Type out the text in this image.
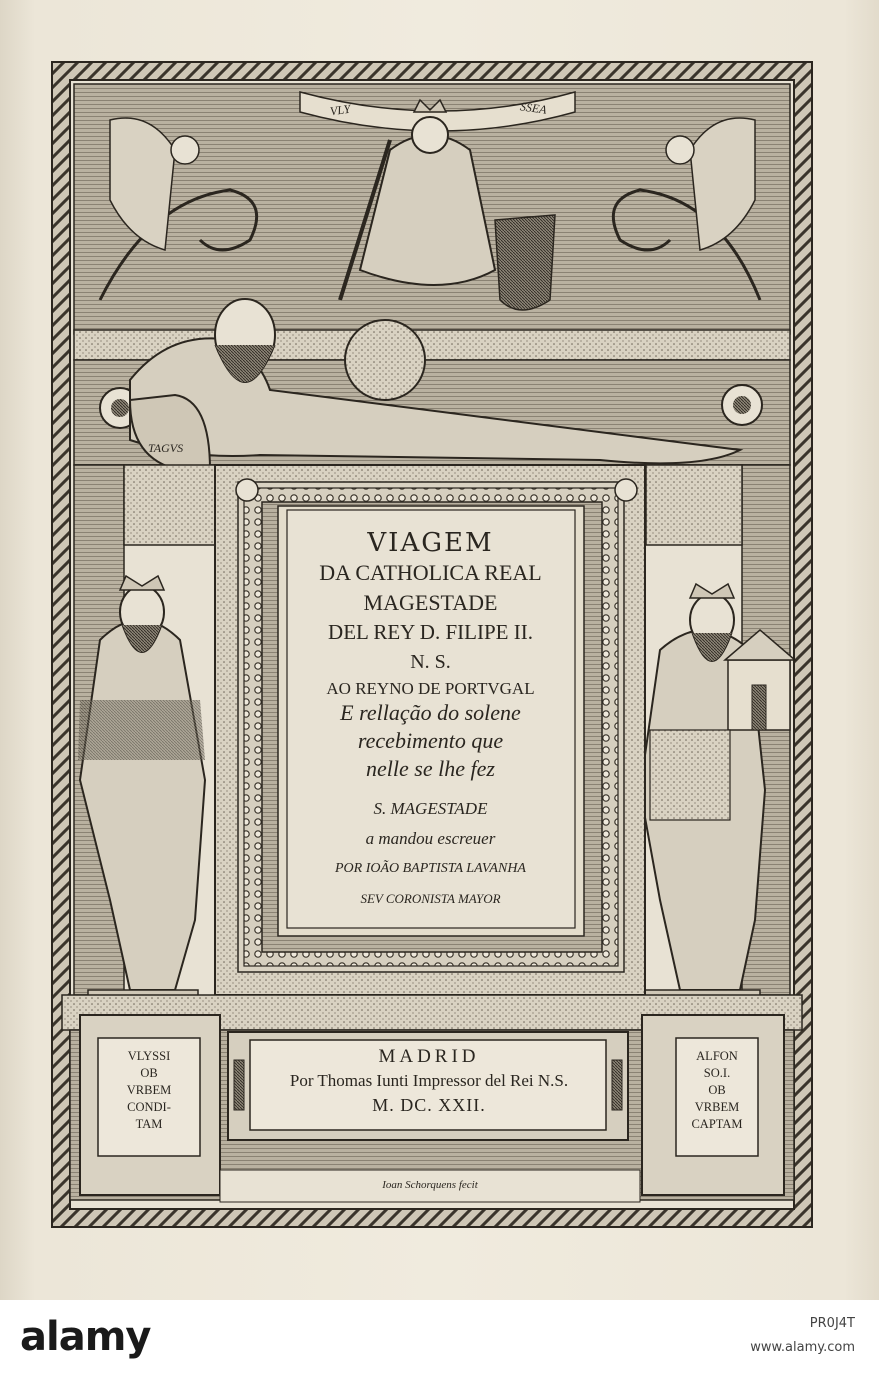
VLY	SSEA
TAGVS
VIAGEM
DA CATHOLICA REAL
MAGESTADE
DEL REY D. FILIPE II.
N. S.
AO REYNO DE PORTVGAL
E rellação do solene
recebimento que
nelle se lhe fez
S. MAGESTADE
a mandou escreuer
POR IOÃO BAPTISTA LAVANHA
SEV CORONISTA MAYOR
VLYSSI
OB
VRBEM
CONDI-
TAM
ALFON
SO.I.
OB
VRBEM
CAPTAM
MADRID
Por Thomas Iunti Impressor del Rei N.S.
M. DC. XXII.
Ioan Schorquens fecit
alamy	PR0J4T
www.alamy.com
